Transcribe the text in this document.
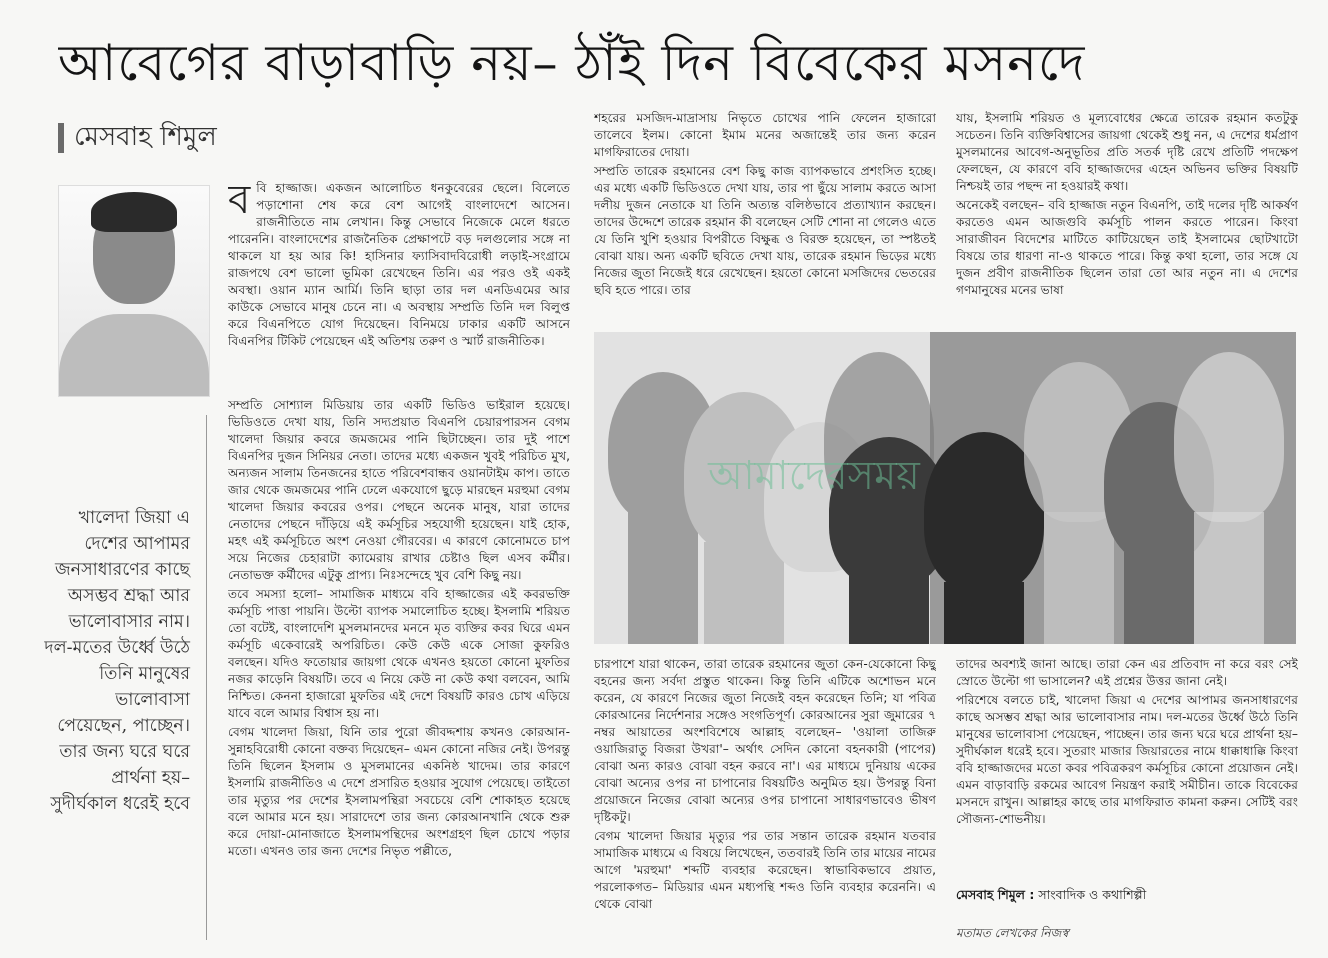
আবেগের বাড়াবাড়ি নয়– ঠাঁই দিন বিবেকের মসনদে
মেসবাহ শিমুল
ব বি হাজ্জাজ। একজন আলোচিত ধনকুবেরের ছেলে। বিলেতে পড়াশোনা শেষ করে বেশ আগেই বাংলাদেশে আসেন। রাজনীতিতে নাম লেখান। কিন্তু সেভাবে নিজেকে মেলে ধরতে পারেননি। বাংলাদেশের রাজনৈতিক প্রেক্ষাপটে বড় দলগুলোর সঙ্গে না থাকলে যা হয় আর কি! হাসিনার ফ্যাসিবাদবিরোধী লড়াই-সংগ্রামে রাজপথে বেশ ভালো ভূমিকা রেখেছেন তিনি। এর পরও ওই একই অবস্থা। ওয়ান ম্যান আর্মি। তিনি ছাড়া তার দল এনডিএমের আর কাউকে সেভাবে মানুষ চেনে না। এ অবস্থায় সম্প্রতি তিনি দল বিলুপ্ত করে বিএনপিতে যোগ দিয়েছেন। বিনিময়ে ঢাকার একটি আসনে বিএনপির টিকিট পেয়েছেন এই অতিশয় তরুণ ও স্মার্ট রাজনীতিক।

খালেদা জিয়া এ দেশের আপামর জনসাধারণের কাছে অসম্ভব শ্রদ্ধা আর ভালোবাসার নাম। দল-মতের উর্ধ্বে উঠে তিনি মানুষের ভালোবাসা পেয়েছেন, পাচ্ছেন। তার জন্য ঘরে ঘরে প্রার্থনা হয়– সুদীর্ঘকাল ধরেই হবে

সম্প্রতি সোশ্যাল মিডিয়ায় তার একটি ভিডিও ভাইরাল হয়েছে। ভিডিওতে দেখা যায়, তিনি সদ্যপ্রয়াত বিএনপি চেয়ারপারসন বেগম খালেদা জিয়ার কবরে জমজমের পানি ছিটাচ্ছেন। তার দুই পাশে বিএনপির দুজন সিনিয়র নেতা। তাদের মধ্যে একজন খুবই পরিচিত মুখ, অন্যজন সালাম তিনজনের হাতে পরিবেশবান্ধব ওয়ানটাইম কাপ। তাতে জার থেকে জমজমের পানি ঢেলে একযোগে ছুড়ে মারছেন মরহুমা বেগম খালেদা জিয়ার কবরের ওপর। পেছনে অনেক মানুষ, যারা তাদের নেতাদের পেছনে দাঁড়িয়ে এই কর্মসূচির সহযোগী হয়েছেন। যাই হোক, মহৎ এই কর্মসূচিতে অংশ নেওয়া গৌরবের। এ কারণে কোনোমতে চাপ সয়ে নিজের চেহারাটা ক্যামেরায় রাখার চেষ্টাও ছিল এসব কর্মীর। নেতাভক্ত কর্মীদের এটুকু প্রাপ্য। নিঃসন্দেহে খুব বেশি কিছু নয়।

তবে সমস্যা হলো– সামাজিক মাধ্যমে ববি হাজ্জাজের এই কবরভক্তি কর্মসূচি পাত্তা পায়নি। উল্টো ব্যাপক সমালোচিত হচ্ছে। ইসলামি শরিয়ত তো বটেই, বাংলাদেশি মুসলমানদের মননে মৃত ব্যক্তির কবর ঘিরে এমন কর্মসূচি একেবারেই অপরিচিত। কেউ কেউ একে সোজা কুফরিও বলছেন। যদিও ফতোয়ার জায়গা থেকে এখনও হয়তো কোনো মুফতির নজর কাড়েনি বিষয়টি। তবে এ নিয়ে কেউ না কেউ কথা বলবেন, আমি নিশ্চিত। কেননা হাজারো মুফতির এই দেশে বিষয়টি কারও চোখ এড়িয়ে যাবে বলে আমার বিশ্বাস হয় না।

বেগম খালেদা জিয়া, যিনি তার পুরো জীবদ্দশায় কখনও কোরআন-সুন্নাহবিরোধী কোনো বক্তব্য দিয়েছেন– এমন কোনো নজির নেই। উপরন্তু তিনি ছিলেন ইসলাম ও মুসলমানের একনিষ্ঠ খাদেম। তার কারণে ইসলামি রাজনীতিও এ দেশে প্রসারিত হওয়ার সুযোগ পেয়েছে। তাইতো তার মৃত্যুর পর দেশের ইসলামপন্থিরা সবচেয়ে বেশি শোকাহত হয়েছে বলে আমার মনে হয়। সারাদেশে তার জন্য কোরআনখানি থেকে শুরু করে দোয়া-মোনাজাতে ইসলামপন্থিদের অংশগ্রহণ ছিল চোখে পড়ার মতো। এখনও তার জন্য দেশের নিভৃত পল্লীতে,

শহরের মসজিদ-মাদ্রাসায় নিভৃতে চোখের পানি ফেলেন হাজারো তালেবে ইলম। কোনো ইমাম মনের অজান্তেই তার জন্য করেন মাগফিরাতের দোয়া।

সম্প্রতি তারেক রহমানের বেশ কিছু কাজ ব্যাপকভাবে প্রশংসিত হচ্ছে। এর মধ্যে একটি ভিডিওতে দেখা যায়, তার পা ছুঁয়ে সালাম করতে আসা দলীয় দুজন নেতাকে যা তিনি অত্যন্ত বলিষ্ঠভাবে প্রত্যাখ্যান করছেন। তাদের উদ্দেশে তারেক রহমান কী বলেছেন সেটি শোনা না গেলেও এতে যে তিনি খুশি হওয়ার বিপরীতে বিক্ষুব্ধ ও বিরক্ত হয়েছেন, তা স্পষ্টতই বোঝা যায়। অন্য একটি ছবিতে দেখা যায়, তারেক রহমান ভিড়ের মধ্যে নিজের জুতা নিজেই ধরে রেখেছেন। হয়তো কোনো মসজিদের ভেতরের ছবি হতে পারে। তার

যায়, ইসলামি শরিয়ত ও মূল্যবোধের ক্ষেত্রে তারেক রহমান কতটুকু সচেতন। তিনি ব্যক্তিবিশ্বাসের জায়গা থেকেই শুধু নন, এ দেশের ধর্মপ্রাণ মুসলমানের আবেগ-অনুভূতির প্রতি সতর্ক দৃষ্টি রেখে প্রতিটি পদক্ষেপ ফেলছেন, যে কারণে ববি হাজ্জাজদের এহেন অভিনব ভক্তির বিষয়টি নিশ্চয়ই তার পছন্দ না হওয়ারই কথা।

অনেকেই বলছেন– ববি হাজ্জাজ নতুন বিএনপি, তাই দলের দৃষ্টি আকর্ষণ করতেও এমন আজগুবি কর্মসূচি পালন করতে পারেন। কিংবা সারাজীবন বিদেশের মাটিতে কাটিয়েছেন তাই ইসলামের ছোটখাটো বিষয়ে তার ধারণা না-ও থাকতে পারে। কিন্তু কথা হলো, তার সঙ্গে যে দুজন প্রবীণ রাজনীতিক ছিলেন তারা তো আর নতুন না। এ দেশের গণমানুষের মনের ভাষা

আমাদেরসময়

চারপাশে যারা থাকেন, তারা তারেক রহমানের জুতা কেন-যেকোনো কিছু বহনের জন্য সর্বদা প্রস্তুত থাকেন। কিন্তু তিনি এটিকে অশোভন মনে করেন, যে কারণে নিজের জুতা নিজেই বহন করেছেন তিনি; যা পবিত্র কোরআনের নির্দেশনার সঙ্গেও সংগতিপূর্ণ। কোরআনের সুরা জুমারের ৭ নম্বর আয়াতের অংশবিশেষে আল্লাহ বলেছেন– 'ওয়ালা তাজিরু ওয়াজিরাতু বিজরা উখরা'– অর্থাৎ সেদিন কোনো বহনকারী (পাপের) বোঝা অন্য কারও বোঝা বহন করবে না'। এর মাধ্যমে দুনিয়ায় একের বোঝা অন্যের ওপর না চাপানোর বিষয়টিও অনুমিত হয়। উপরন্তু বিনা প্রয়োজনে নিজের বোঝা অন্যের ওপর চাপানো সাধারণভাবেও ভীষণ দৃষ্টিকটু।

বেগম খালেদা জিয়ার মৃত্যুর পর তার সন্তান তারেক রহমান যতবার সামাজিক মাধ্যমে এ বিষয়ে লিখেছেন, ততবারই তিনি তার মায়ের নামের আগে 'মরহুমা' শব্দটি ব্যবহার করেছেন। স্বাভাবিকভাবে প্রয়াত, পরলোকগত– মিডিয়ার এমন মধ্যপন্থি শব্দও তিনি ব্যবহার করেননি। এ থেকে বোঝা

তাদের অবশ্যই জানা আছে। তারা কেন এর প্রতিবাদ না করে বরং সেই স্রোতে উল্টো গা ভাসালেন? এই প্রশ্নের উত্তর জানা নেই।

পরিশেষে বলতে চাই, খালেদা জিয়া এ দেশের আপামর জনসাধারণের কাছে অসম্ভব শ্রদ্ধা আর ভালোবাসার নাম। দল-মতের উর্ধ্বে উঠে তিনি মানুষের ভালোবাসা পেয়েছেন, পাচ্ছেন। তার জন্য ঘরে ঘরে প্রার্থনা হয়– সুদীর্ঘকাল ধরেই হবে। সুতরাং মাজার জিয়ারতের নামে ধাক্কাধাক্কি কিংবা ববি হাজ্জাজদের মতো কবর পবিত্রকরণ কর্মসূচির কোনো প্রয়োজন নেই। এমন বাড়াবাড়ি রকমের আবেগ নিয়ন্ত্রণ করাই সমীচীন। তাকে বিবেকের মসনদে রাখুন। আল্লাহর কাছে তার মাগফিরাত কামনা করুন। সেটিই বরং সৌজন্য-শোভনীয়।

মেসবাহ শিমুল : সাংবাদিক ও কথাশিল্পী
মতামত লেখকের নিজস্ব
